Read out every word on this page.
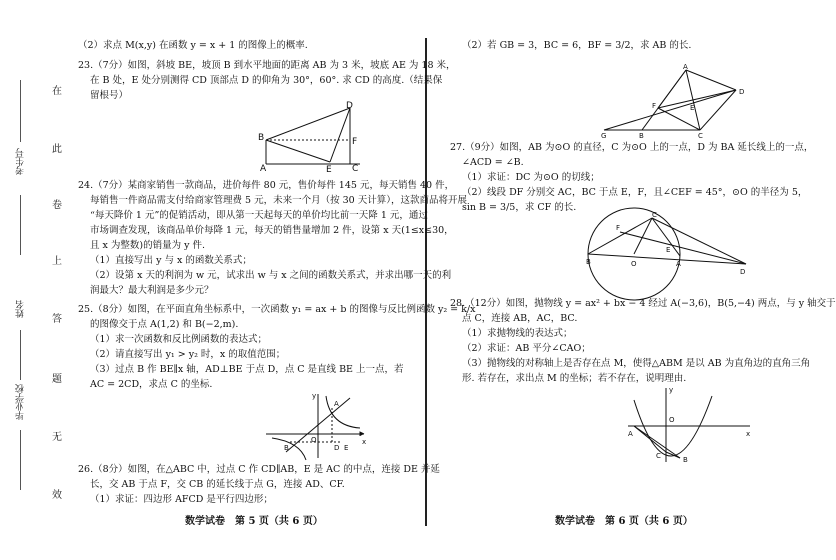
考生号
姓名
毕业学校
在
此
卷
上
答
题
无
效

（2）求点 M(x,y) 在函数 y = x + 1 的图像上的概率.

23.（7分）如图，斜坡 BE，坡顶 B 到水平地面的距离 AB 为 3 米，坡底 AE 为 18 米，

在 B 处，E 处分别测得 CD 顶部点 D 的仰角为 30°，60°. 求 CD 的高度.（结果保

留根号）

D
F
B
A	E C

24.（7分）某商家销售一款商品，进价每件 80 元，售价每件 145 元，每天销售 40 件，

每销售一件商品需支付给商家管理费 5 元，未来一个月（按 30 天计算），这款商品将开展

“每天降价 1 元”的促销活动，即从第一天起每天的单价均比前一天降 1 元，通过

市场调查发现，该商品单价每降 1 元，每天的销售量增加 2 件，设第 x 天(1≤x≤30，

且 x 为整数)的销量为 y 件.

（1）直接写出 y 与 x 的函数关系式；

（2）设第 x 天的利润为 w 元，试求出 w 与 x 之间的函数关系式，并求出哪一天的利

润最大？最大利润是多少元？

25.（8分）如图，在平面直角坐标系中，一次函数 y₁ = ax + b 的图像与反比例函数 y₂ = k/x

的图像交于点 A(1,2) 和 B(−2,m).

（1）求一次函数和反比例函数的表达式；

（2）请直接写出 y₁ > y₂ 时，x 的取值范围；

（3）过点 B 作 BE∥x 轴，AD⊥BE 于点 D，点 C 是直线 BE 上一点，若

AC = 2CD，求点 C 的坐标.

y
x
O
A
B	D E

26.（8分）如图，在△ABC 中，过点 C 作 CD∥AB，E 是 AC 的中点，连接 DE 并延

长，交 AB 于点 F，交 CB 的延长线于点 G，连接 AD、CF.

（1）求证：四边形 AFCD 是平行四边形；

数学试卷　第 5 页（共 6 页）

（2）若 GB = 3，BC = 6，BF = 3/2，求 AB 的长.

D
A
F	E
G	B	C

27.（9分）如图，AB 为⊙O 的直径，C 为⊙O 上的一点，D 为 BA 延长线上的一点，

∠ACD = ∠B.

（1）求证：DC 为⊙O 的切线；

（2）线段 DF 分别交 AC，BC 于点 E，F，且∠CEF = 45°，⊙O 的半径为 5，

sin B = 3/5，求 CF 的长.

C
F
B	O
E
A
D

28.（12分）如图，抛物线 y = ax² + bx − 4 经过 A(−3,6)，B(5,−4) 两点，与 y 轴交于

点 C，连接 AB，AC，BC.

（1）求抛物线的表达式；

（2）求证：AB 平分∠CAO；

（3）抛物线的对称轴上是否存在点 M，使得△ABM 是以 AB 为直角边的直角三角

形. 若存在，求出点 M 的坐标；若不存在，说明理由.

y
A
O
x
C	B
数学试卷　第 6 页（共 6 页）
